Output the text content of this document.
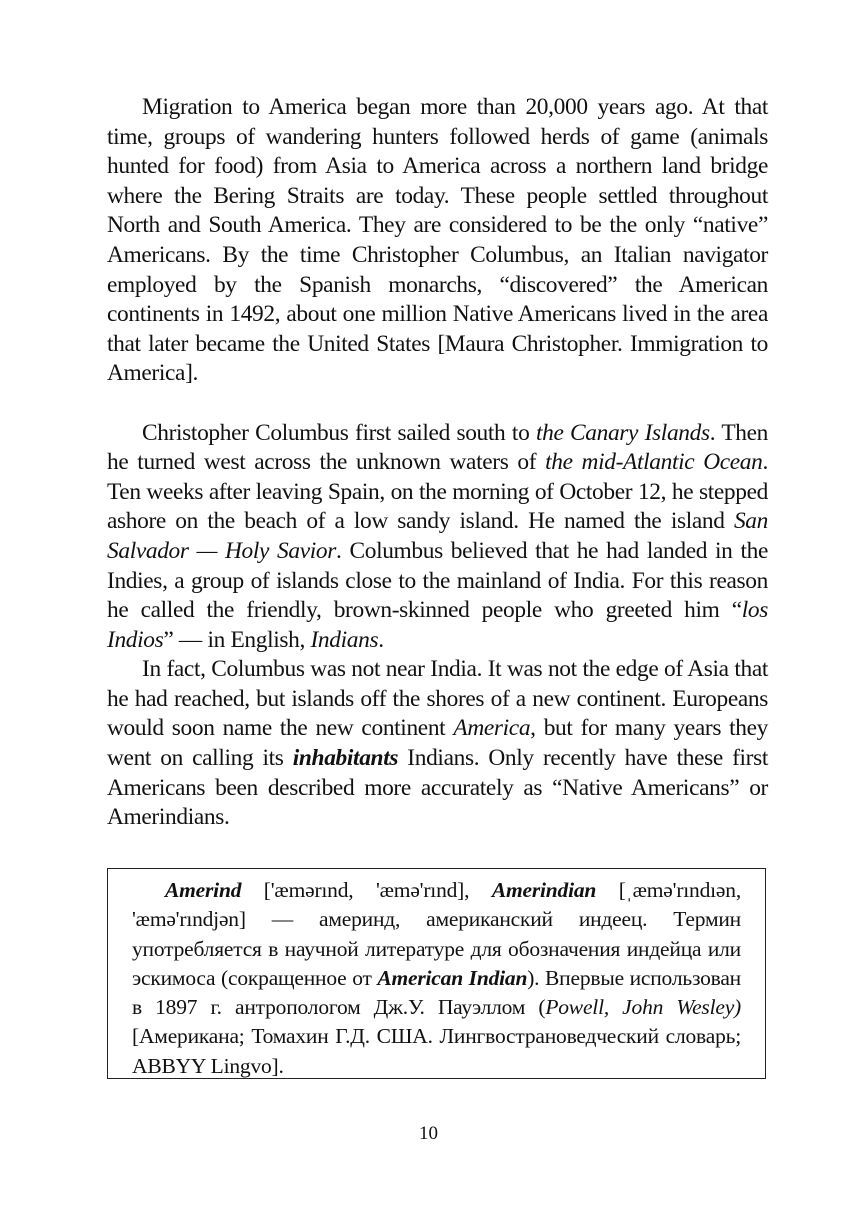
Migration to America began more than 20,000 years ago. At that time, groups of wandering hunters followed herds of game (animals hunted for food) from Asia to America across a northern land bridge where the Bering Straits are today. These people settled throughout North and South America. They are considered to be the only “native” Americans. By the time Christopher Columbus, an Italian navigator employed by the Spanish monarchs, “discovered” the American continents in 1492, about one million Native Americans lived in the area that later became the United States [Maura Christopher. Immigration to America].

Christopher Columbus first sailed south to the Canary Islands. Then he turned west across the unknown waters of the mid-Atlantic Ocean. Ten weeks after leaving Spain, on the morning of October 12, he stepped ashore on the beach of a low sandy island. He named the island San Salvador — Holy Savior. Columbus believed that he had landed in the Indies, a group of islands close to the mainland of India. For this reason he called the friendly, brown-skinned people who greeted him “los Indios” — in English, Indians.

In fact, Columbus was not near India. It was not the edge of Asia that he had reached, but islands off the shores of a new continent. Europeans would soon name the new continent America, but for many years they went on calling its inhabitants Indians. Only recently have these first Americans been described more accurately as “Native Americans” or Amerindians.

Amerind ['æmərınd, 'æmə'rınd], Amerindian [ˌæmə'rındıən, 'æmə'rındjən] — америнд, американский индеец. Термин употребляется в научной литературе для обозначения индейца или эскимоса (сокращенное от American Indian). Впервые использован в 1897 г. антропологом Дж.У. Пауэллом (Powell, John Wesley) [Американа; Томахин Г.Д. США. Лингвострановедческий словарь; ABBYY Lingvo].

10
